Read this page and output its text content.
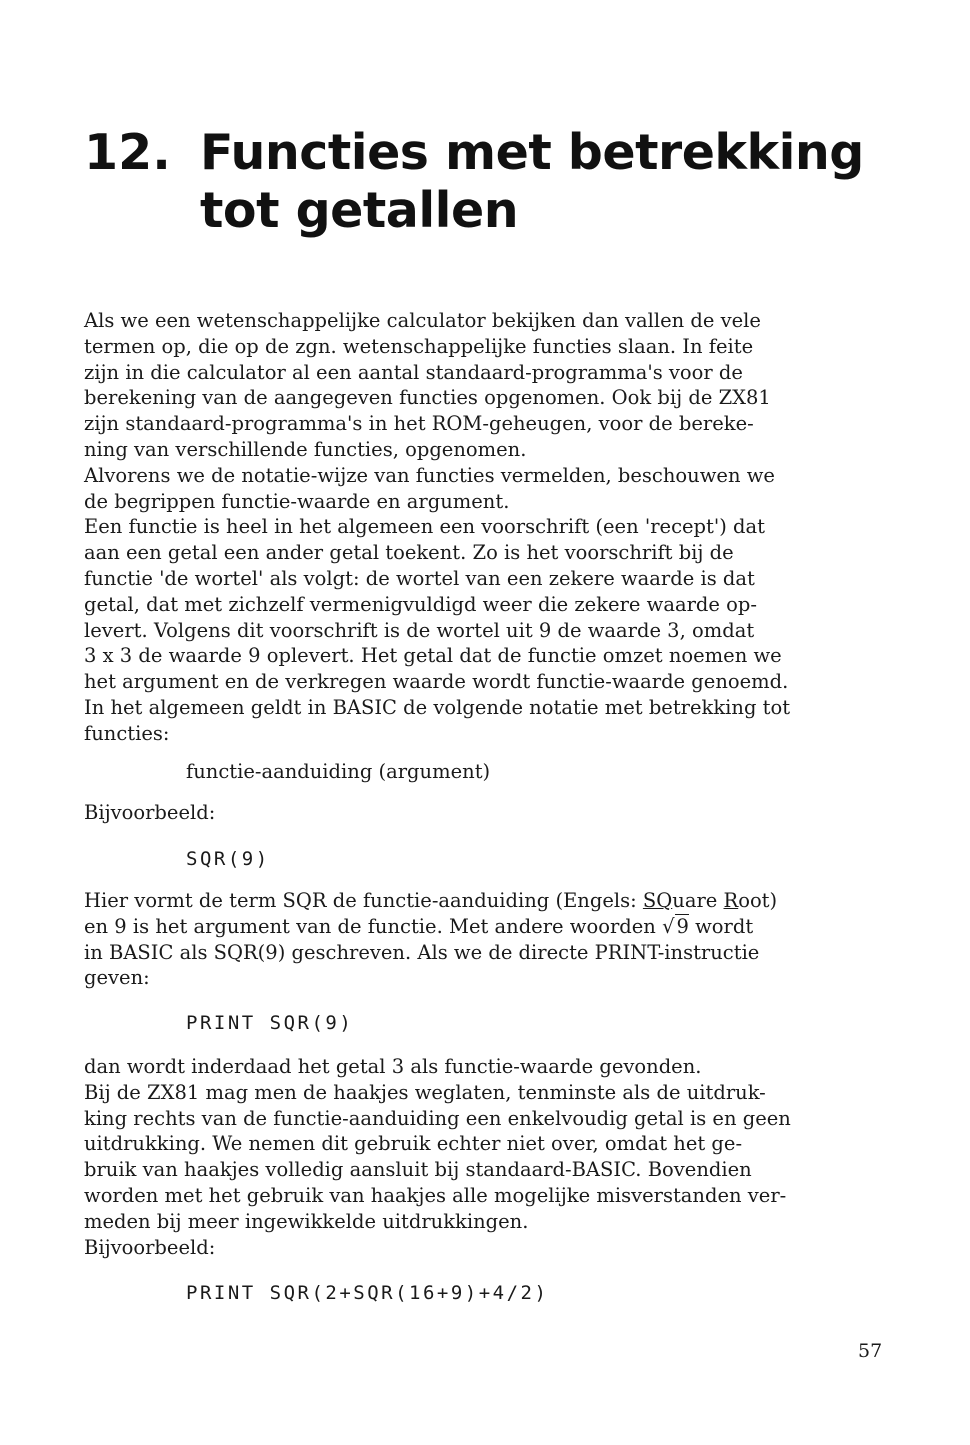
12. Functies met betrekking
tot getallen

Als we een wetenschappelijke calculator bekijken dan vallen de vele

termen op, die op de zgn. wetenschappelijke functies slaan. In feite

zijn in die calculator al een aantal standaard-programma's voor de

berekening van de aangegeven functies opgenomen. Ook bij de ZX81

zijn standaard-programma's in het ROM-geheugen, voor de bereke-

ning van verschillende functies, opgenomen.

Alvorens we de notatie-wijze van functies vermelden, beschouwen we

de begrippen functie-waarde en argument.

Een functie is heel in het algemeen een voorschrift (een 'recept') dat

aan een getal een ander getal toekent. Zo is het voorschrift bij de

functie 'de wortel' als volgt: de wortel van een zekere waarde is dat

getal, dat met zichzelf vermenigvuldigd weer die zekere waarde op-

levert. Volgens dit voorschrift is de wortel uit 9 de waarde 3, omdat

3 x 3 de waarde 9 oplevert. Het getal dat de functie omzet noemen we

het argument en de verkregen waarde wordt functie-waarde genoemd.

In het algemeen geldt in BASIC de volgende notatie met betrekking tot

functies:

functie-aanduiding (argument)
Bijvoorbeeld:
SQR(9)

Hier vormt de term SQR de functie-aanduiding (Engels: SQuare Root)

en 9 is het argument van de functie. Met andere woorden √ 9 wordt

in BASIC als SQR(9) geschreven. Als we de directe PRINT-instructie

geven:

PRINT SQR(9)

dan wordt inderdaad het getal 3 als functie-waarde gevonden.

Bij de ZX81 mag men de haakjes weglaten, tenminste als de uitdruk-

king rechts van de functie-aanduiding een enkelvoudig getal is en geen

uitdrukking. We nemen dit gebruik echter niet over, omdat het ge-

bruik van haakjes volledig aansluit bij standaard-BASIC. Bovendien

worden met het gebruik van haakjes alle mogelijke misverstanden ver-

meden bij meer ingewikkelde uitdrukkingen.

Bijvoorbeeld:

PRINT SQR(2+SQR(16+9)+4/2)
57
